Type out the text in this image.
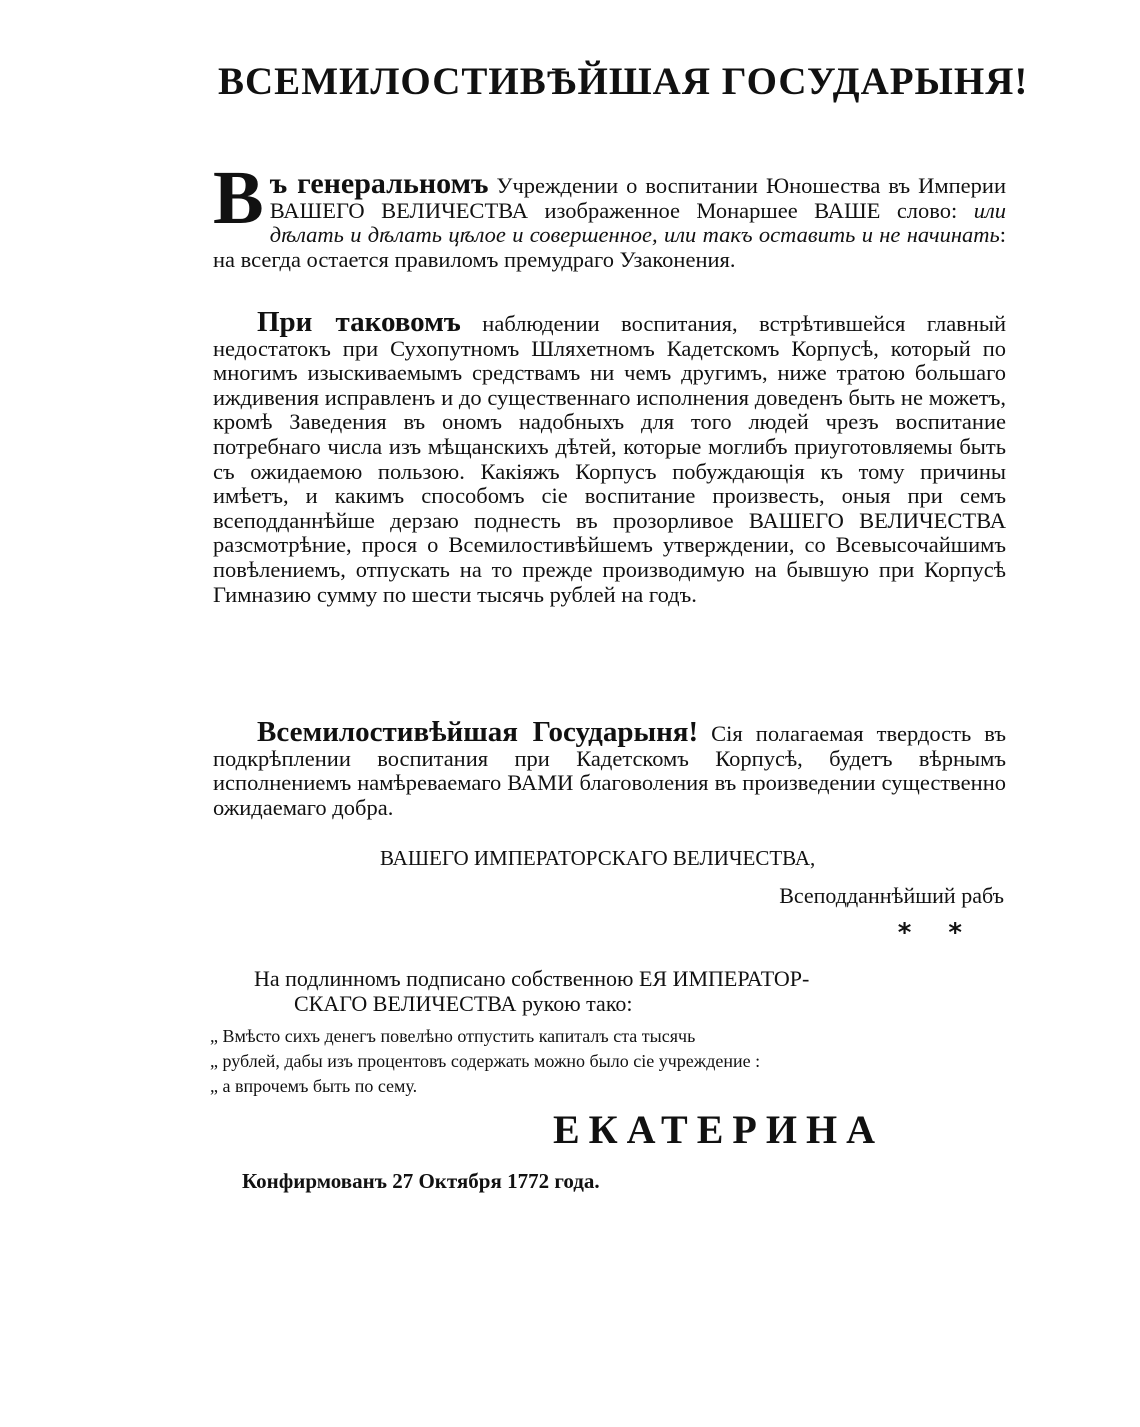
ВСЕМИЛОСТИВѢЙШАЯ ГОСУДАРЫНЯ!

Въ генеральномъ Учреждении о воспитании Юношества въ Империи ВАШЕГО ВЕЛИЧЕСТВА изображенное Монаршее ВАШЕ слово: или дѣлать и дѣлать цѣлое и совершенное, или такъ оставить и не начинать: на всегда остается правиломъ премудраго Узаконения.

При таковомъ наблюдении воспитания, встрѣтившейся главный недостатокъ при Сухопутномъ Шляхетномъ Кадетскомъ Корпусѣ, который по многимъ изыскиваемымъ средствамъ ни чемъ другимъ, ниже тратою большаго иждивения исправленъ и до существеннаго исполнения доведенъ быть не можетъ, кромѣ Заведения въ ономъ надобныхъ для того людей чрезъ воспитание потребнаго числа изъ мѣщанскихъ дѣтей, которые моглибъ приуготовляемы быть съ ожидаемою пользою. Какiяжъ Корпусъ побуждающiя къ тому причины имѣетъ, и какимъ способомъ сiе воспитание произвесть, оныя при семъ всеподданнѣйше дерзаю поднесть въ прозорливое ВАШЕГО ВЕЛИЧЕСТВА разсмотрѣние, прося о Всемилостивѣйшемъ утверждении, со Всевысочайшимъ повѣлениемъ, отпускать на то прежде производимую на бывшую при Корпусѣ Гимназию сумму по шести тысячь рублей на годъ.

Всемилостивѣйшая Государыня! Сiя полагаемая твердость въ подкрѣплении воспитания при Кадетскомъ Корпусѣ, будетъ вѣрнымъ исполнениемъ намѣреваемаго ВАМИ благоволения въ произведении существенно ожидаемаго добра.

ВАШЕГО ИМПЕРАТОРСКАГО ВЕЛИЧЕСТВА,
Всеподданнѣйший рабъ
* *

На подлинномъ подписано собственною ЕЯ ИМПЕРАТОР-
СКАГО ВЕЛИЧЕСТВА рукою тако:

„ Вмѣсто сихъ денегъ повелѣно отпустить капиталъ ста тысячь
„ рублей, дабы изъ процентовъ содержать можно было сiе учреждение :
„ а впрочемъ быть по сему.

ЕКАТЕРИНА
Конфирмованъ 27 Октября 1772 года.
